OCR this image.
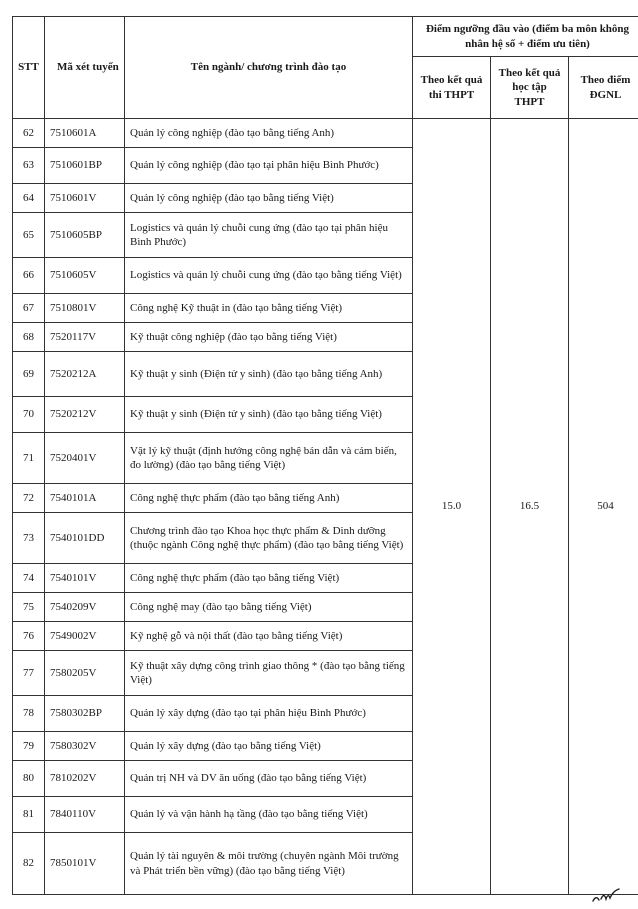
STT	Mã xét tuyển	Tên ngành/ chương trình đào tạo	Điểm ngưỡng đầu vào (điểm ba môn không nhân hệ số + điểm ưu tiên)		
			Theo kết quả thi THPT	Theo kết quả học tập THPT	Theo điểm ĐGNL
62	7510601A	Quản lý công nghiệp (đào tạo bằng tiếng Anh)	15.0	16.5	504
63	7510601BP	Quản lý công nghiệp (đào tạo tại phân hiệu Bình Phước)			
64	7510601V	Quản lý công nghiệp (đào tạo bằng tiếng Việt)			
65	7510605BP	Logistics và quản lý chuỗi cung ứng (đào tạo tại phân hiệu Bình Phước)			
66	7510605V	Logistics và quản lý chuỗi cung ứng (đào tạo bằng tiếng Việt)			
67	7510801V	Công nghệ Kỹ thuật in (đào tạo bằng tiếng Việt)			
68	7520117V	Kỹ thuật công nghiệp (đào tạo bằng tiếng Việt)			
69	7520212A	Kỹ thuật y sinh (Điện tử y sinh) (đào tạo bằng tiếng Anh)			
70	7520212V	Kỹ thuật y sinh (Điện tử y sinh) (đào tạo bằng tiếng Việt)			
71	7520401V	Vật lý kỹ thuật (định hướng công nghệ bán dẫn và cảm biến, đo lường) (đào tạo bằng tiếng Việt)			
72	7540101A	Công nghệ thực phẩm (đào tạo bằng tiếng Anh)			
73	7540101DD	Chương trình đào tạo Khoa học thực phẩm & Dinh dưỡng (thuộc ngành Công nghệ thực phẩm) (đào tạo bằng tiếng Việt)			
74	7540101V	Công nghệ thực phẩm (đào tạo bằng tiếng Việt)			
75	7540209V	Công nghệ may (đào tạo bằng tiếng Việt)			
76	7549002V	Kỹ nghệ gỗ và nội thất (đào tạo bằng tiếng Việt)			
77	7580205V	Kỹ thuật xây dựng công trình giao thông * (đào tạo bằng tiếng Việt)			
78	7580302BP	Quản lý xây dựng (đào tạo tại phân hiệu Bình Phước)			
79	7580302V	Quản lý xây dựng (đào tạo bằng tiếng Việt)			
80	7810202V	Quản trị NH và DV ăn uống (đào tạo bằng tiếng Việt)			
81	7840110V	Quản lý và vận hành hạ tầng (đào tạo bằng tiếng Việt)			
82	7850101V	Quản lý tài nguyên & môi trường (chuyên ngành Môi trường và Phát triển bền vững) (đào tạo bằng tiếng Việt)			
